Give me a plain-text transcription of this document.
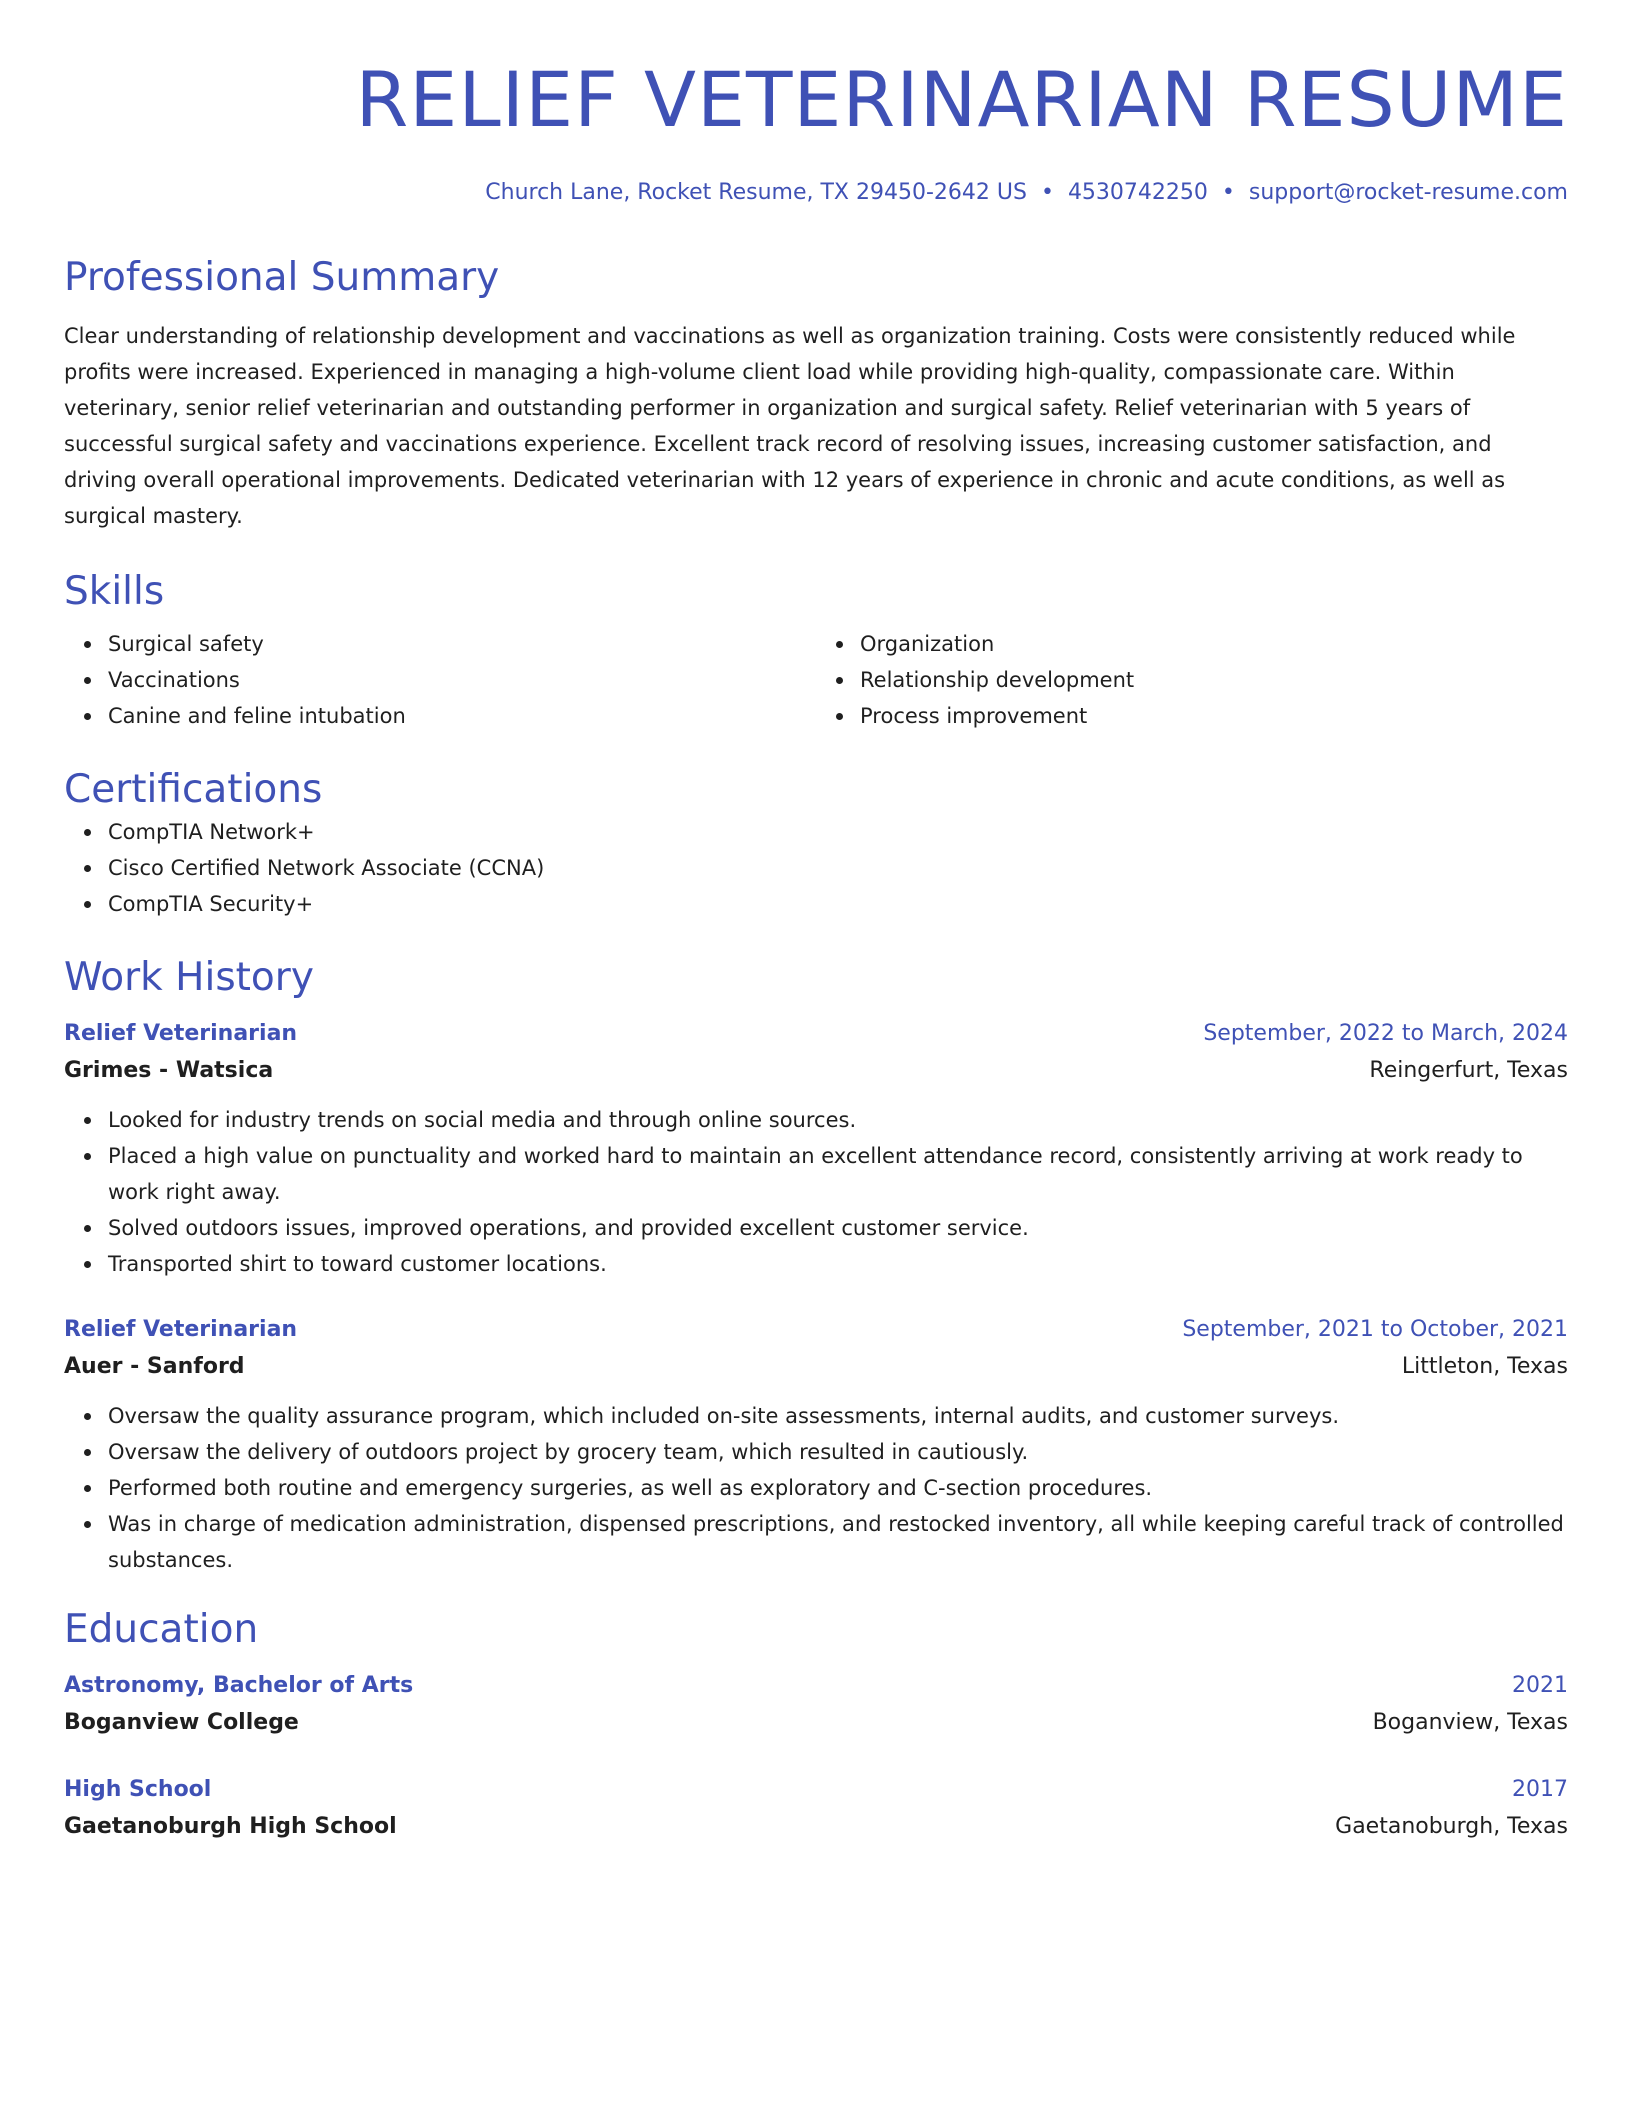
RELIEF VETERINARIAN RESUME
Church Lane, Rocket Resume, TX 29450-2642 US • 4530742250 • support@rocket-resume.com
Professional Summary

Clear understanding of relationship development and vaccinations as well as organization training. Costs were consistently reduced while profits were increased. Experienced in managing a high-volume client load while providing high-quality, compassionate care. Within veterinary, senior relief veterinarian and outstanding performer in organization and surgical safety. Relief veterinarian with 5 years of successful surgical safety and vaccinations experience. Excellent track record of resolving issues, increasing customer satisfaction, and driving overall operational improvements. Dedicated veterinarian with 12 years of experience in chronic and acute conditions, as well as surgical mastery.

Skills
Surgical safety
Vaccinations
Canine and feline intubation
Organization
Relationship development
Process improvement
Certifications
CompTIA Network+
Cisco Certified Network Associate (CCNA)
CompTIA Security+
Work History
Relief Veterinarian	September, 2022 to March, 2024
Grimes - Watsica	Reingerfurt, Texas
Looked for industry trends on social media and through online sources.
Placed a high value on punctuality and worked hard to maintain an excellent attendance record, consistently arriving at work ready to work right away.
Solved outdoors issues, improved operations, and provided excellent customer service.
Transported shirt to toward customer locations.
Relief Veterinarian	September, 2021 to October, 2021
Auer - Sanford	Littleton, Texas
Oversaw the quality assurance program, which included on-site assessments, internal audits, and customer surveys.
Oversaw the delivery of outdoors project by grocery team, which resulted in cautiously.
Performed both routine and emergency surgeries, as well as exploratory and C-section procedures.
Was in charge of medication administration, dispensed prescriptions, and restocked inventory, all while keeping careful track of controlled substances.
Education
Astronomy, Bachelor of Arts	2021
Boganview College	Boganview, Texas
High School	2017
Gaetanoburgh High School	Gaetanoburgh, Texas
